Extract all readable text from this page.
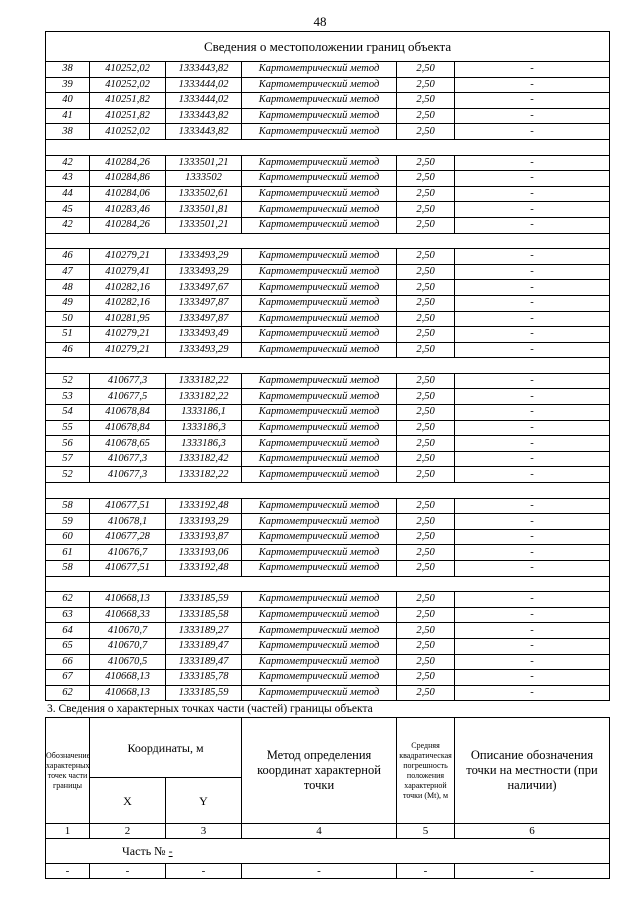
48
Сведения о местоположении границ объекта					
38	410252,02	1333443,82	Картометрический метод	2,50	-
39	410252,02	1333444,02	Картометрический метод	2,50	-
40	410251,82	1333444,02	Картометрический метод	2,50	-
41	410251,82	1333443,82	Картометрический метод	2,50	-
38	410252,02	1333443,82	Картометрический метод	2,50	-

42	410284,26	1333501,21	Картометрический метод	2,50	-
43	410284,86	1333502	Картометрический метод	2,50	-
44	410284,06	1333502,61	Картометрический метод	2,50	-
45	410283,46	1333501,81	Картометрический метод	2,50	-
42	410284,26	1333501,21	Картометрический метод	2,50	-

46	410279,21	1333493,29	Картометрический метод	2,50	-
47	410279,41	1333493,29	Картометрический метод	2,50	-
48	410282,16	1333497,67	Картометрический метод	2,50	-
49	410282,16	1333497,87	Картометрический метод	2,50	-
50	410281,95	1333497,87	Картометрический метод	2,50	-
51	410279,21	1333493,49	Картометрический метод	2,50	-
46	410279,21	1333493,29	Картометрический метод	2,50	-

52	410677,3	1333182,22	Картометрический метод	2,50	-
53	410677,5	1333182,22	Картометрический метод	2,50	-
54	410678,84	1333186,1	Картометрический метод	2,50	-
55	410678,84	1333186,3	Картометрический метод	2,50	-
56	410678,65	1333186,3	Картометрический метод	2,50	-
57	410677,3	1333182,42	Картометрический метод	2,50	-
52	410677,3	1333182,22	Картометрический метод	2,50	-

58	410677,51	1333192,48	Картометрический метод	2,50	-
59	410678,1	1333193,29	Картометрический метод	2,50	-
60	410677,28	1333193,87	Картометрический метод	2,50	-
61	410676,7	1333193,06	Картометрический метод	2,50	-
58	410677,51	1333192,48	Картометрический метод	2,50	-

62	410668,13	1333185,59	Картометрический метод	2,50	-
63	410668,33	1333185,58	Картометрический метод	2,50	-
64	410670,7	1333189,27	Картометрический метод	2,50	-
65	410670,7	1333189,47	Картометрический метод	2,50	-
66	410670,5	1333189,47	Картометрический метод	2,50	-
67	410668,13	1333185,78	Картометрический метод	2,50	-
62	410668,13	1333185,59	Картометрический метод	2,50	-
3. Сведения о характерных точках части (частей) границы объекта
Обозначение характерных точек части границы	Координаты, м		Метод определения координат характерной точки	Средняя квадратическая погрешность положения характерной точки (Mt), м	Описание обозначения точки на местности (при наличии)
	X	Y			
1	2	3	4	5	6
Часть № -					
-	-	-	-	-	-
